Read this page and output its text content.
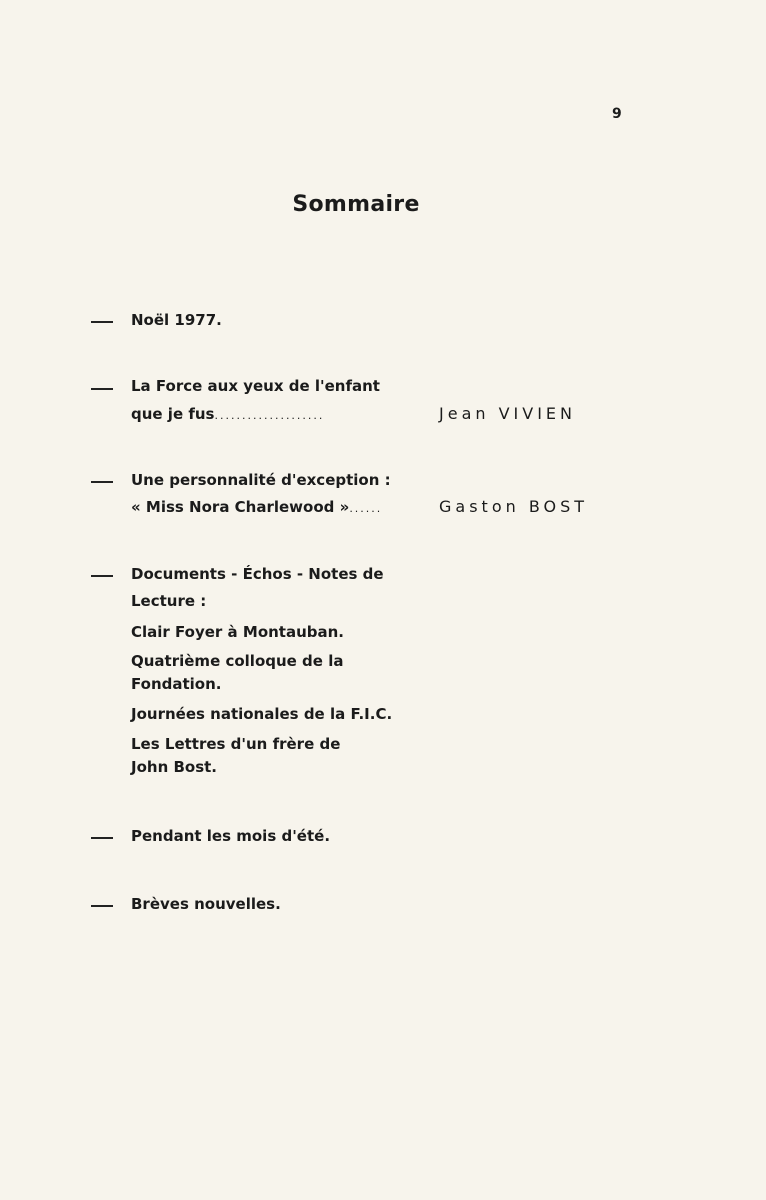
9
Sommaire
Noël 1977.
La Force aux yeux de l'enfant
que je fus....................	Jean VIVIEN
Une personnalité d'exception :
« Miss Nora Charlewood »......	Gaston BOST
Documents - Échos - Notes de
Lecture :
Clair Foyer à Montauban.
Quatrième colloque de la
Fondation.
Journées nationales de la F.I.C.
Les Lettres d'un frère de
John Bost.
Pendant les mois d'été.
Brèves nouvelles.
